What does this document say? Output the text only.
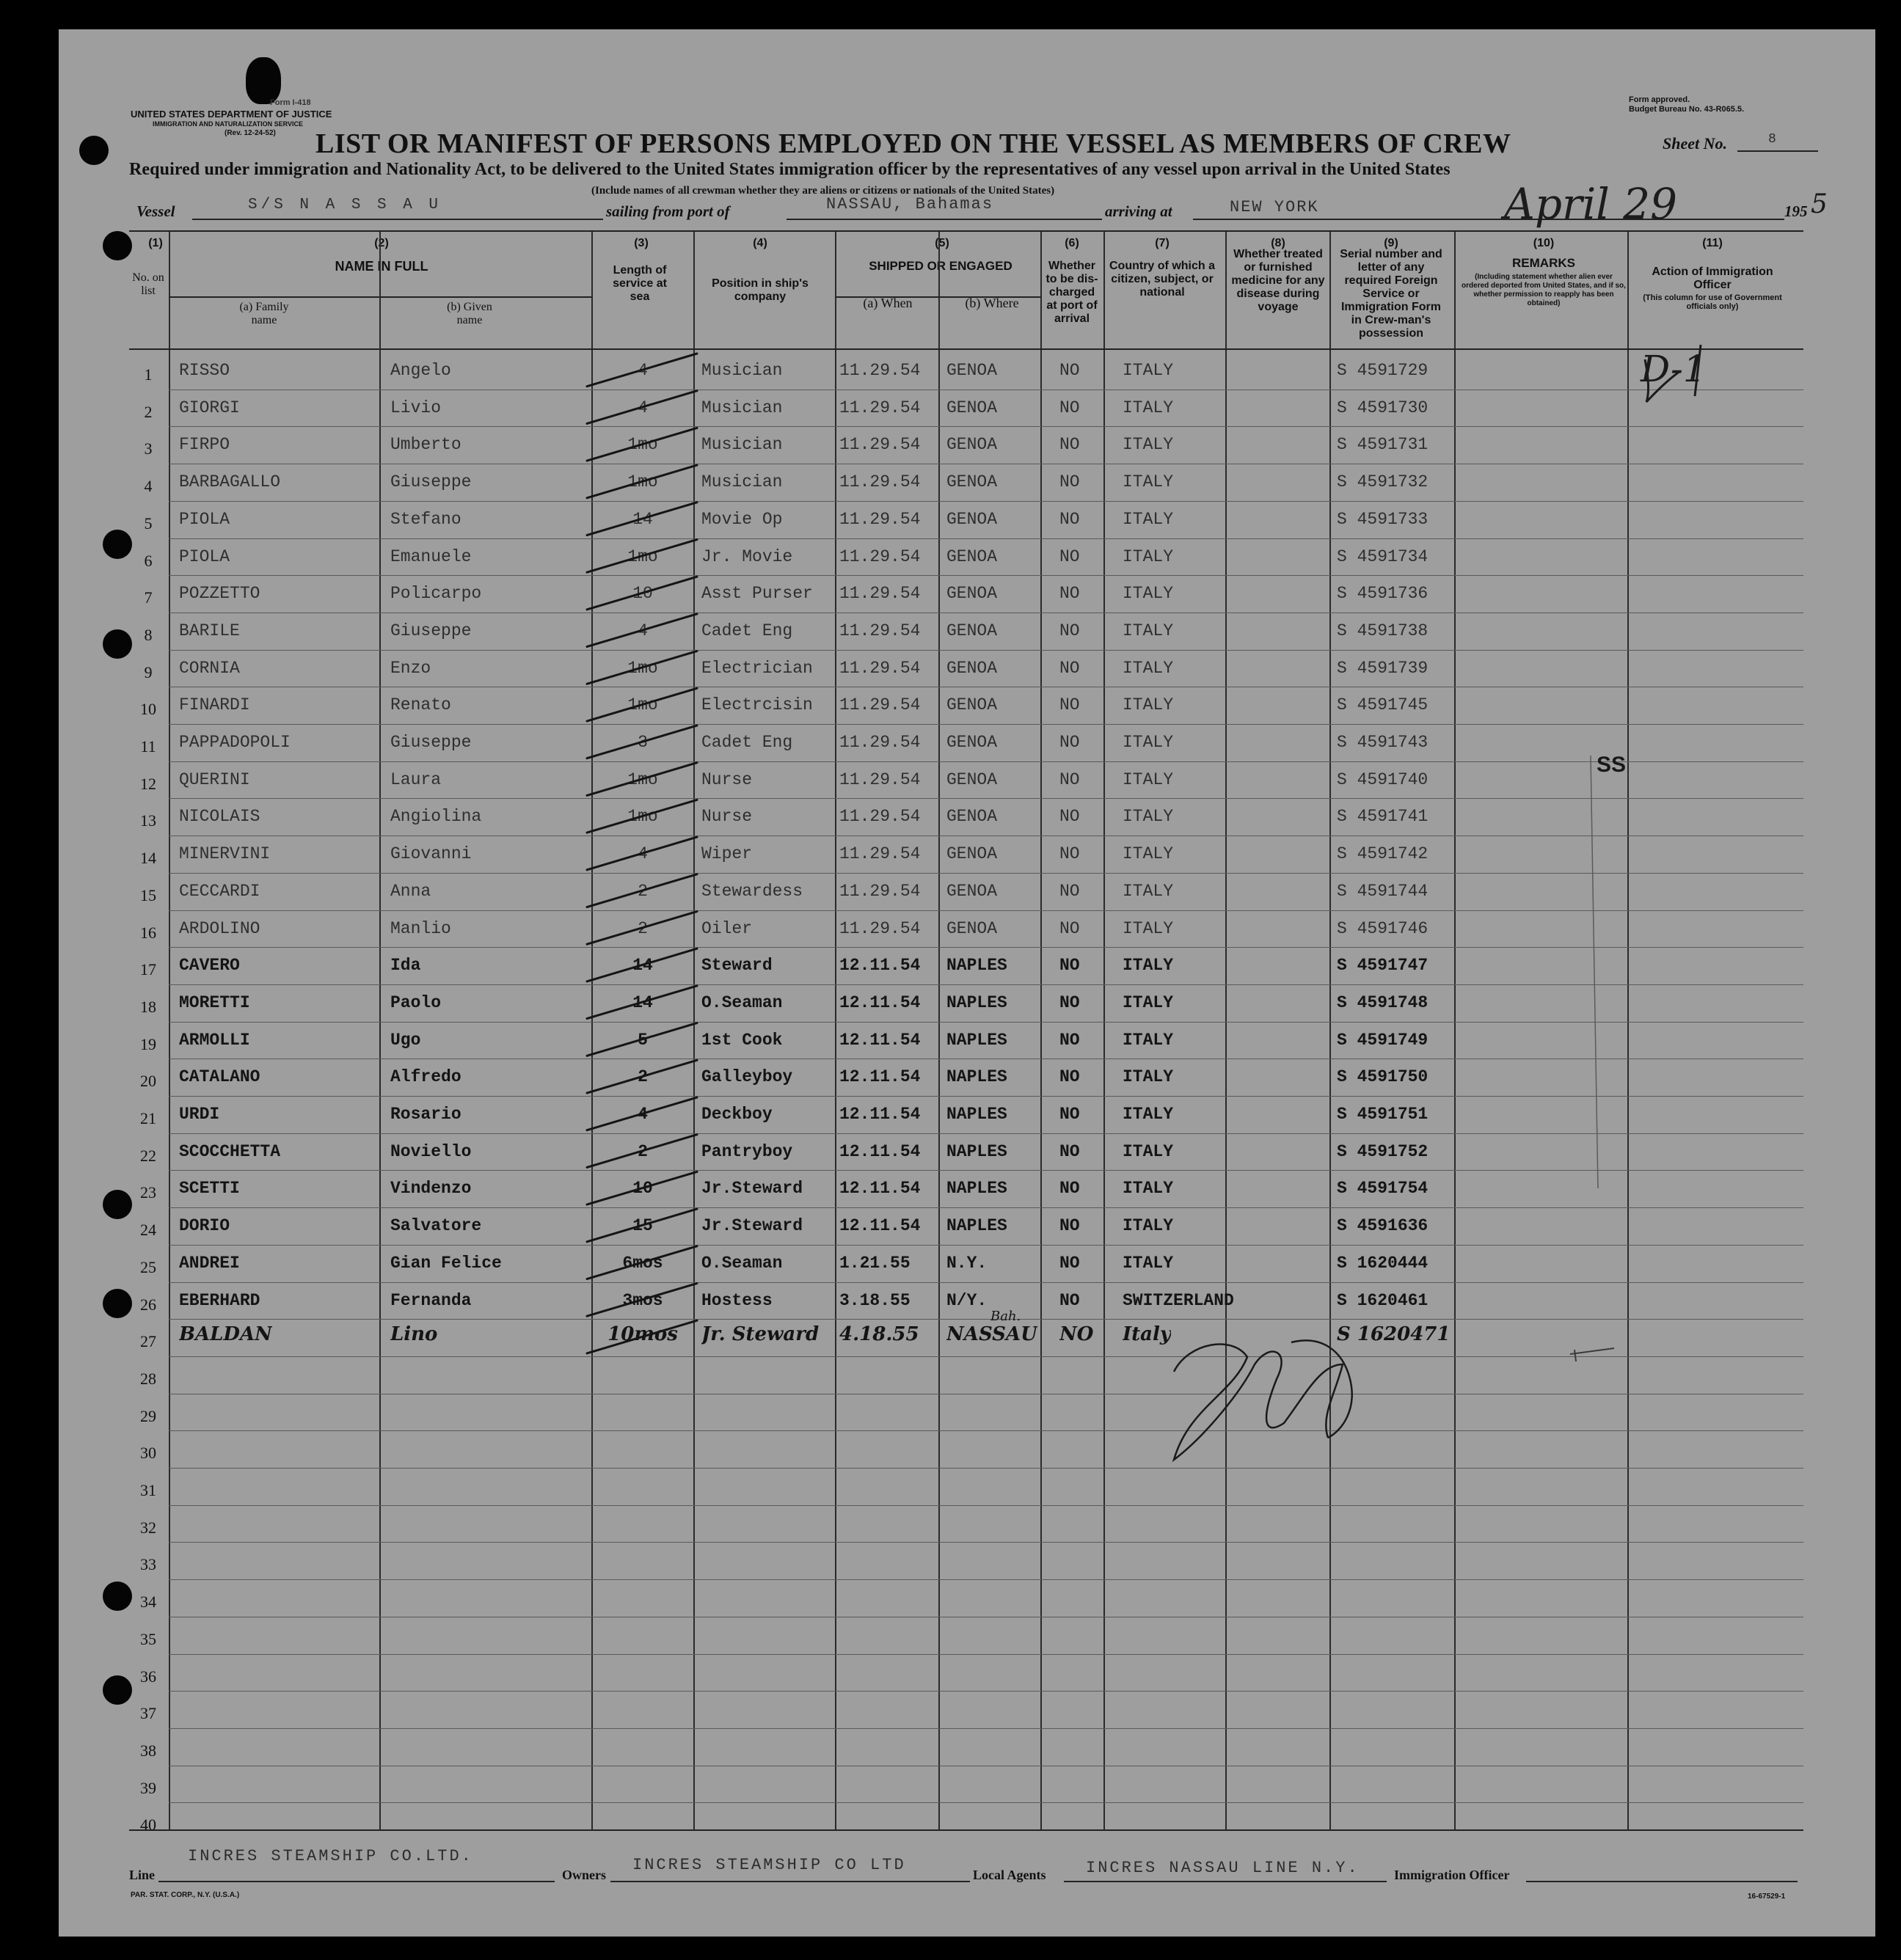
Form I-418
UNITED STATES DEPARTMENT OF JUSTICE
IMMIGRATION AND NATURALIZATION SERVICE
(Rev. 12-24-52)
Form approved.
Budget Bureau No. 43-R065.5.
LIST OR MANIFEST OF PERSONS EMPLOYED ON THE VESSEL AS MEMBERS OF CREW	Sheet No.	8
Required under immigration and Nationality Act, to be delivered to the United States immigration officer by the representatives of any vessel upon arrival in the United States
(Include names of all crewman whether they are aliens or citizens or nationals of the United States)
Vessel	S/S N A S S A U	sailing from port of	NASSAU, Bahamas	arriving at	NEW YORK	April 29	195 5
(1)
No. on list
(2)
NAME IN FULL
(a) Family name
(b) Given name
(3)
Length of service at sea
(4)
Position in ship's company
(5)
SHIPPED OR ENGAGED
(a) When	(b) Where
(6)
Whether to be dis-charged at port of arrival
(7)
Country of which a citizen, subject, or national
(8)
Whether treated or furnished medicine for any disease during voyage
(9)
Serial number and letter of any required Foreign Service or Immigration Form in Crew-man's possession
(10)
REMARKS
(Including statement whether alien ever ordered deported from United States, and if so, whether permission to reapply has been obtained)
(11)
Action of Immigration Officer
(This column for use of Government officials only)
1
2
3
4
5
6
7
8
9
10
11
12
13
14
15
16
17
18
19
20
21
22
23
24
25
26
27
28
29
30
31
32
33
34
35
36
37
38
39
40
RISSO	Angelo	4	Musician	11.29.54 GENOA	NO	ITALY	S 4591729
GIORGI	Livio	4	Musician	11.29.54 GENOA	NO	ITALY	S 4591730
FIRPO	Umberto	1mo	Musician	11.29.54 GENOA	NO	ITALY	S 4591731
BARBAGALLO	Giuseppe	1mo	Musician	11.29.54 GENOA	NO	ITALY	S 4591732
PIOLA	Stefano	14	Movie Op	11.29.54 GENOA	NO	ITALY	S 4591733
PIOLA	Emanuele	1mo	Jr. Movie	11.29.54 GENOA	NO	ITALY	S 4591734
POZZETTO	Policarpo	10	Asst Purser 11.29.54 GENOA	NO	ITALY	S 4591736
BARILE	Giuseppe	4	Cadet Eng	11.29.54 GENOA	NO	ITALY	S 4591738
CORNIA	Enzo	1mo	Electrician 11.29.54 GENOA	NO	ITALY	S 4591739
FINARDI	Renato	1mo	Electrcisin 11.29.54 GENOA	NO	ITALY	S 4591745
PAPPADOPOLI	Giuseppe	3	Cadet Eng	11.29.54 GENOA	NO	ITALY	S 4591743
QUERINI	Laura	1mo	Nurse	11.29.54 GENOA	NO	ITALY	S 4591740
NICOLAIS	Angiolina	1mo	Nurse	11.29.54 GENOA	NO	ITALY	S 4591741
MINERVINI	Giovanni	4	Wiper	11.29.54 GENOA	NO	ITALY	S 4591742
CECCARDI	Anna	2	Stewardess 11.29.54 GENOA	NO	ITALY	S 4591744
ARDOLINO	Manlio	2	Oiler	11.29.54 GENOA	NO	ITALY	S 4591746
CAVERO	Ida	14	Steward	12.11.54 NAPLES	NO	ITALY	S 4591747
MORETTI	Paolo	14	O.Seaman	12.11.54 NAPLES	NO	ITALY	S 4591748
ARMOLLI	Ugo	5	1st Cook	12.11.54 NAPLES	NO	ITALY	S 4591749
CATALANO	Alfredo	2	Galleyboy	12.11.54 NAPLES	NO	ITALY	S 4591750
URDI	Rosario	4	Deckboy	12.11.54 NAPLES	NO	ITALY	S 4591751
SCOCCHETTA	Noviello	2	Pantryboy	12.11.54 NAPLES	NO	ITALY	S 4591752
SCETTI	Vindenzo	10	Jr.Steward 12.11.54 NAPLES	NO	ITALY	S 4591754
DORIO	Salvatore	15	Jr.Steward 12.11.54 NAPLES	NO	ITALY	S 4591636
ANDREI	Gian Felice	6mos	O.Seaman	1.21.55 N.Y.	NO	ITALY	S 1620444
EBERHARD	Fernanda	3mos	Hostess	3.18.55 N/Y.	NO	SWITZERLAND	S 1620461
BALDAN	Lino	10mos Jr. Steward 4.18.55 NASSAU NO Italy	S 1620471
Bah.
D-1
Line
INCRES STEAMSHIP CO.LTD.
Owners
INCRES STEAMSHIP CO LTD
Local Agents INCRES NASSAU LINE N.Y.	Immigration Officer
PAR. STAT. CORP., N.Y. (U.S.A.)	16-67529-1
SS
